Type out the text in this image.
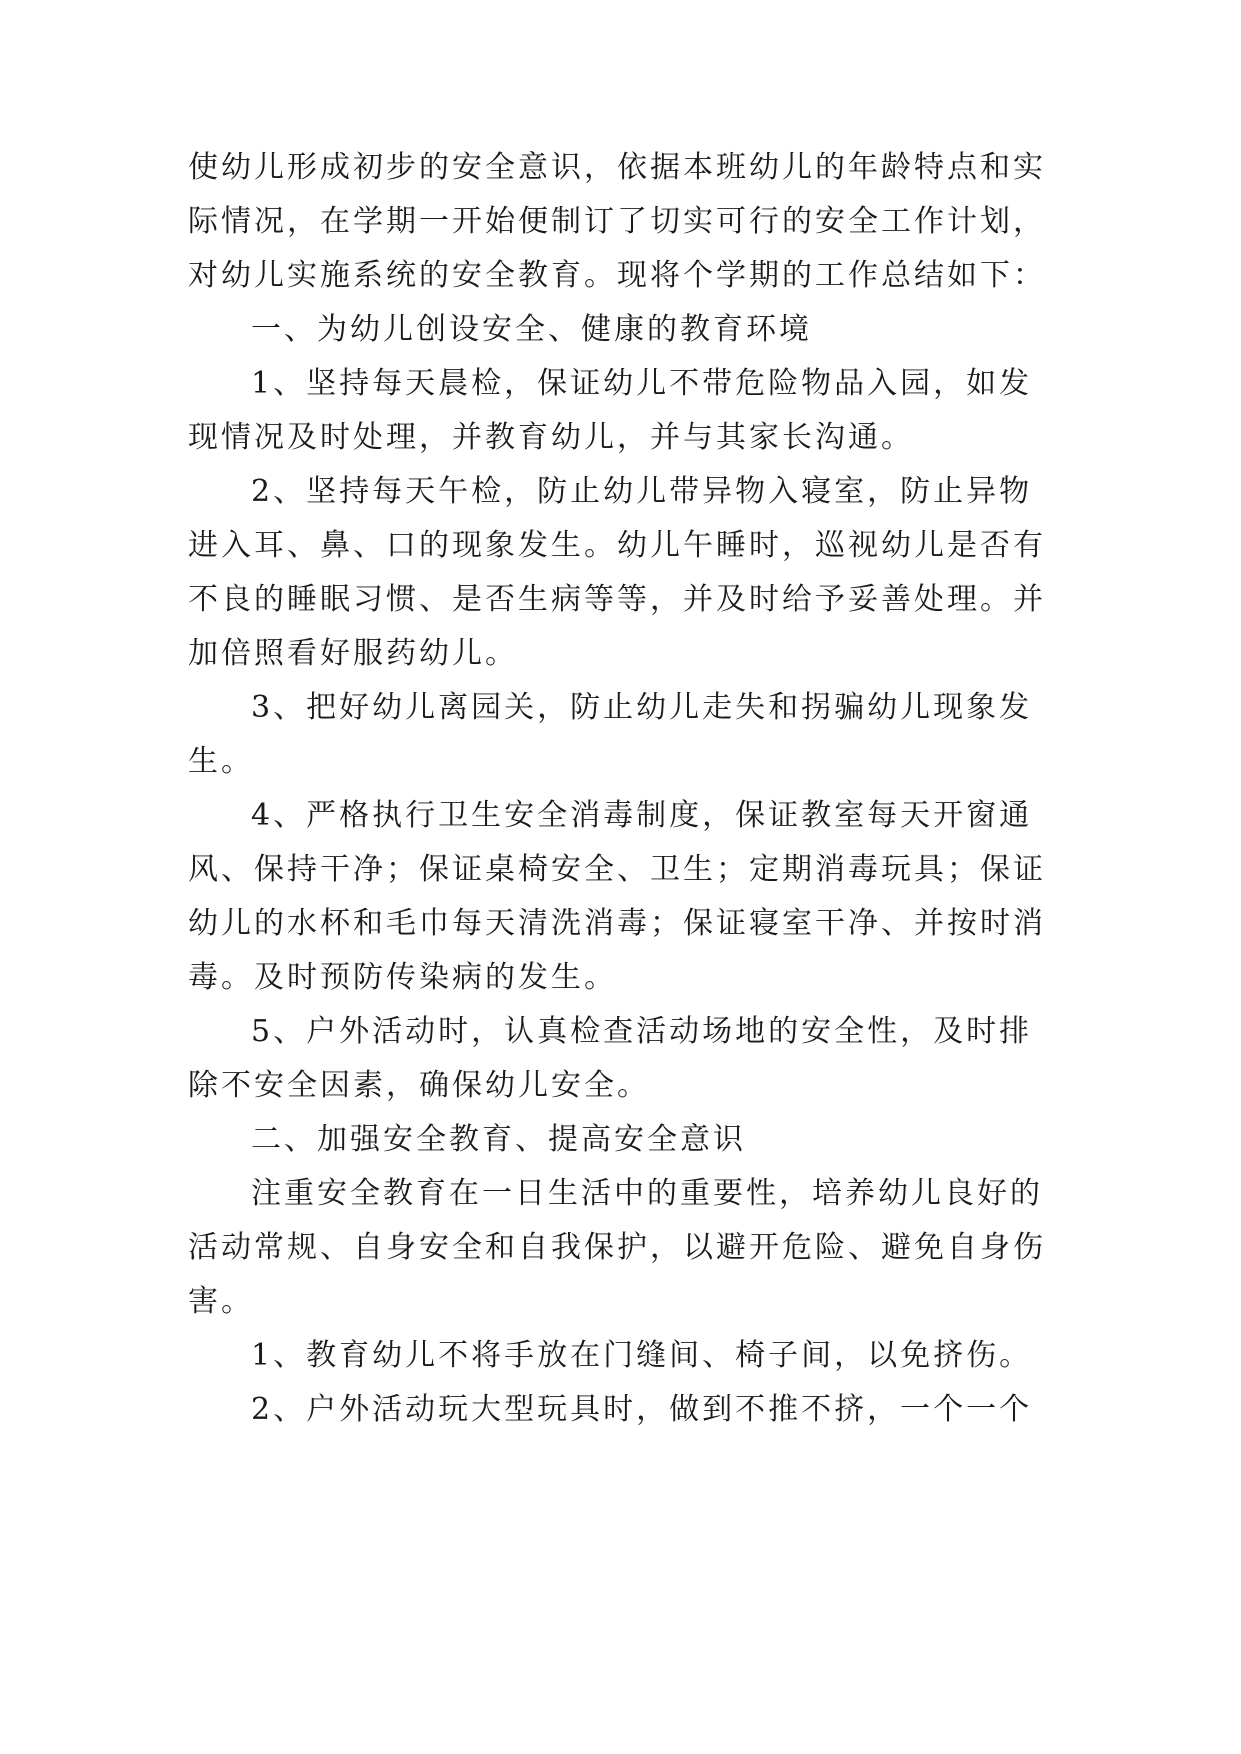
使幼儿形成初步的安全意识，依据本班幼儿的年龄特点和实

际情况，在学期一开始便制订了切实可行的安全工作计划，

对幼儿实施系统的安全教育。现将个学期的工作总结如下：

一、为幼儿创设安全、健康的教育环境

1、坚持每天晨检，保证幼儿不带危险物品入园，如发

现情况及时处理，并教育幼儿，并与其家长沟通。

2、坚持每天午检，防止幼儿带异物入寝室，防止异物

进入耳、鼻、口的现象发生。幼儿午睡时，巡视幼儿是否有

不良的睡眠习惯、是否生病等等，并及时给予妥善处理。并

加倍照看好服药幼儿。

3、把好幼儿离园关，防止幼儿走失和拐骗幼儿现象发

生。

4、严格执行卫生安全消毒制度，保证教室每天开窗通

风、保持干净；保证桌椅安全、卫生；定期消毒玩具；保证

幼儿的水杯和毛巾每天清洗消毒；保证寝室干净、并按时消

毒。及时预防传染病的发生。

5、户外活动时，认真检查活动场地的安全性，及时排

除不安全因素，确保幼儿安全。

二、加强安全教育、提高安全意识

注重安全教育在一日生活中的重要性，培养幼儿良好的

活动常规、自身安全和自我保护，以避开危险、避免自身伤

害。

1、教育幼儿不将手放在门缝间、椅子间，以免挤伤。

2、户外活动玩大型玩具时，做到不推不挤，一个一个
